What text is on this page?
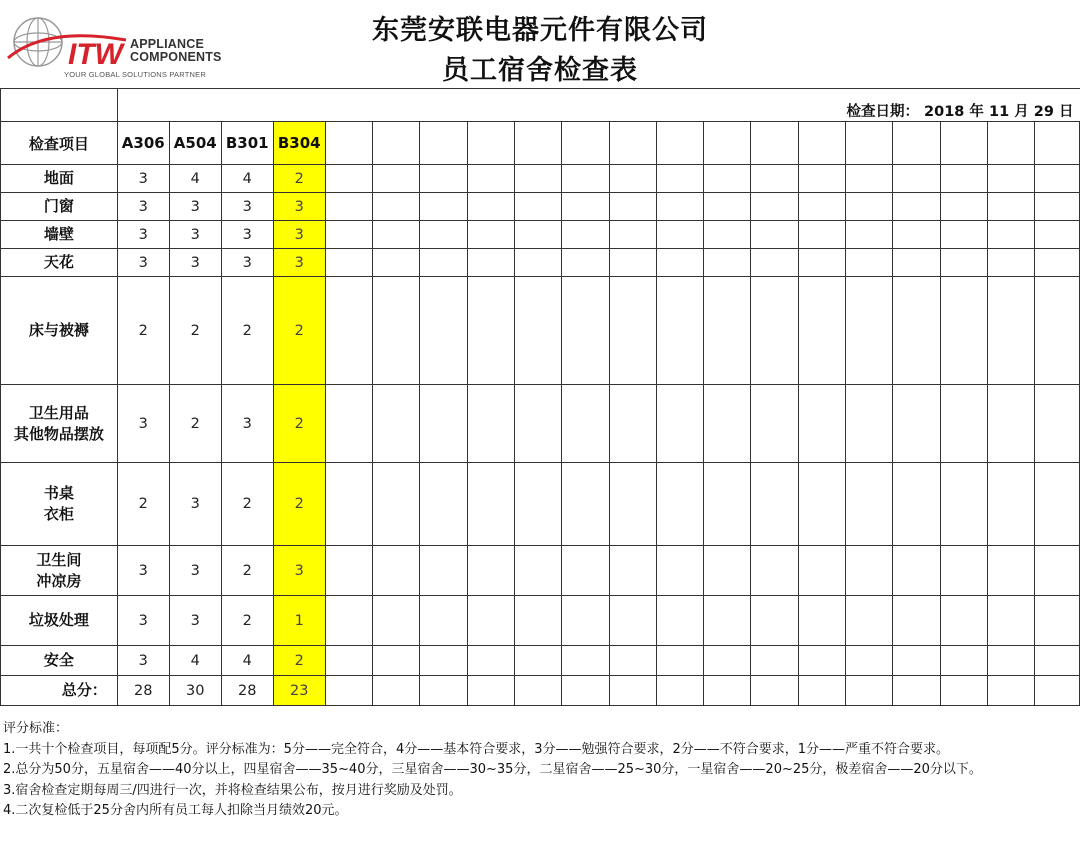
ITW APPLIANCE
COMPONENTS
YOUR GLOBAL SOLUTIONS PARTNER
东莞安联电器元件有限公司
员工宿舍检查表
	检查日期： 2018 年 11 月 29 日																			
检查项目	A306	A504	B301	B304																
地面	3	4	4	2																
门窗	3	3	3	3																
墙壁	3	3	3	3																
天花	3	3	3	3																
床与被褥	2	2	2	2																
卫生用品
其他物品摆放	3	2	3	2																
书桌
衣柜	2	3	2	2																
卫生间
冲凉房	3	3	2	3																
垃圾处理	3	3	2	1																
安全	3	4	4	2																
总分：	28	30	28	23																
评分标准：
1.一共十个检查项目，每项配5分。评分标准为：5分——完全符合，4分——基本符合要求，3分——勉强符合要求，2分——不符合要求，1分——严重不符合要求。
2.总分为50分，五星宿舍——40分以上，四星宿舍——35~40分，三星宿舍——30~35分，二星宿舍——25~30分，一星宿舍——20~25分，极差宿舍——20分以下。
3.宿舍检查定期每周三/四进行一次，并将检查结果公布，按月进行奖励及处罚。
4.二次复检低于25分舍内所有员工每人扣除当月绩效20元。
